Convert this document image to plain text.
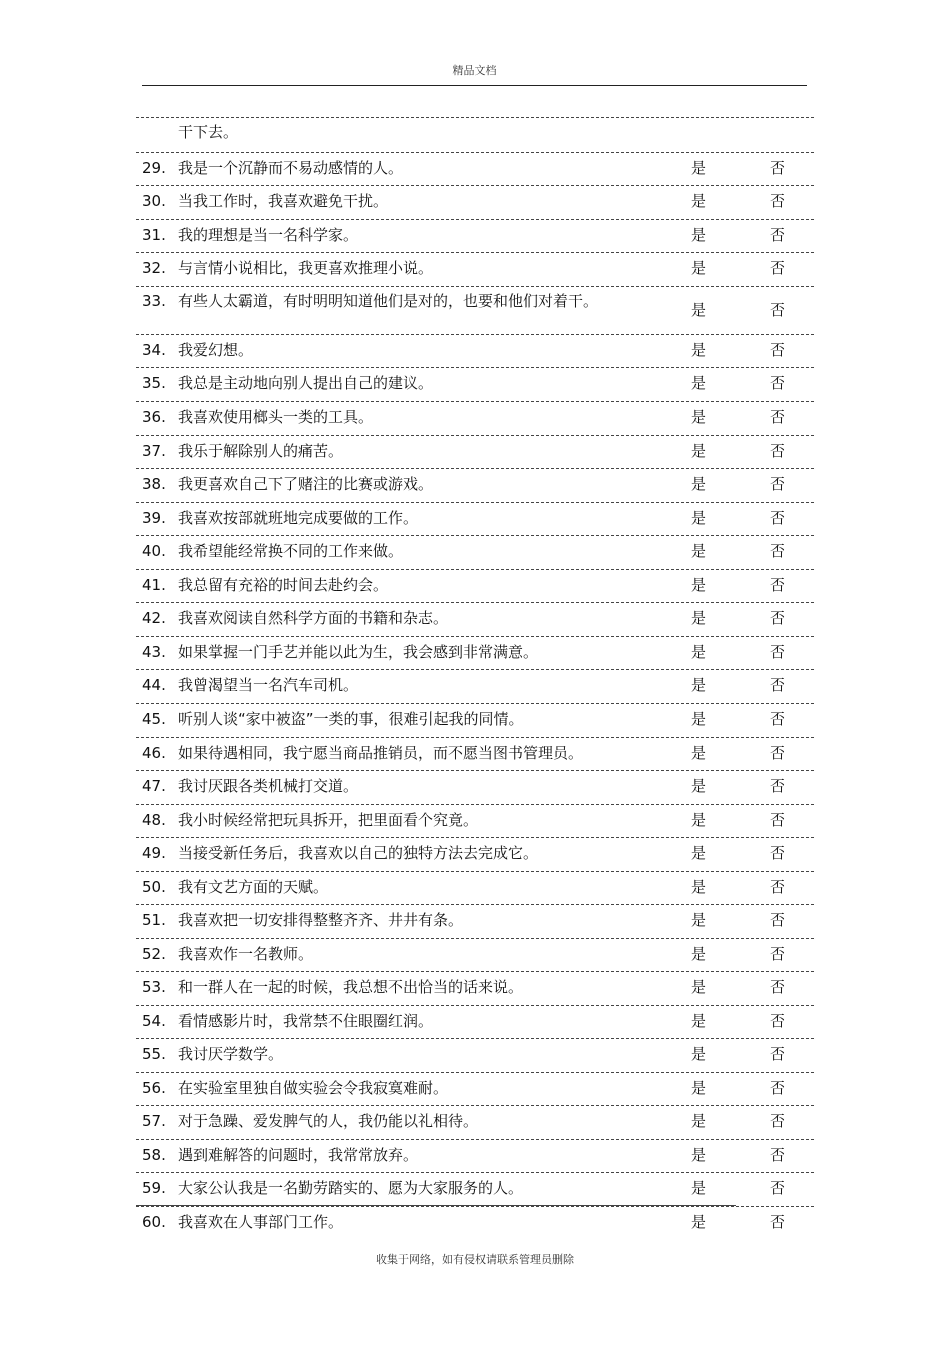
精品文档
干下去。
29. 我是一个沉静而不易动感情的人。	是	否
30. 当我工作时，我喜欢避免干扰。	是	否
31. 我的理想是当一名科学家。	是	否
32. 与言情小说相比，我更喜欢推理小说。	是	否
33. 有些人太霸道，有时明明知道他们是对的，也要和他们对着干。	是	否
34. 我爱幻想。	是	否
35. 我总是主动地向别人提出自己的建议。	是	否
36. 我喜欢使用榔头一类的工具。	是	否
37. 我乐于解除别人的痛苦。	是	否
38. 我更喜欢自己下了赌注的比赛或游戏。	是	否
39. 我喜欢按部就班地完成要做的工作。	是	否
40. 我希望能经常换不同的工作来做。	是	否
41. 我总留有充裕的时间去赴约会。	是	否
42. 我喜欢阅读自然科学方面的书籍和杂志。	是	否
43. 如果掌握一门手艺并能以此为生，我会感到非常满意。	是	否
44. 我曾渴望当一名汽车司机。	是	否
45. 听别人谈“家中被盗”一类的事，很难引起我的同情。	是	否
46. 如果待遇相同，我宁愿当商品推销员，而不愿当图书管理员。	是	否
47. 我讨厌跟各类机械打交道。	是	否
48. 我小时候经常把玩具拆开，把里面看个究竟。	是	否
49. 当接受新任务后，我喜欢以自己的独特方法去完成它。	是	否
50. 我有文艺方面的天赋。	是	否
51. 我喜欢把一切安排得整整齐齐、井井有条。	是	否
52. 我喜欢作一名教师。	是	否
53. 和一群人在一起的时候，我总想不出恰当的话来说。	是	否
54. 看情感影片时，我常禁不住眼圈红润。	是	否
55. 我讨厌学数学。	是	否
56. 在实验室里独自做实验会令我寂寞难耐。	是	否
57. 对于急躁、爱发脾气的人，我仍能以礼相待。	是	否
58. 遇到难解答的问题时，我常常放弃。	是	否
59. 大家公认我是一名勤劳踏实的、愿为大家服务的人。	是	否
60. 我喜欢在人事部门工作。	是	否
收集于网络，如有侵权请联系管理员删除
